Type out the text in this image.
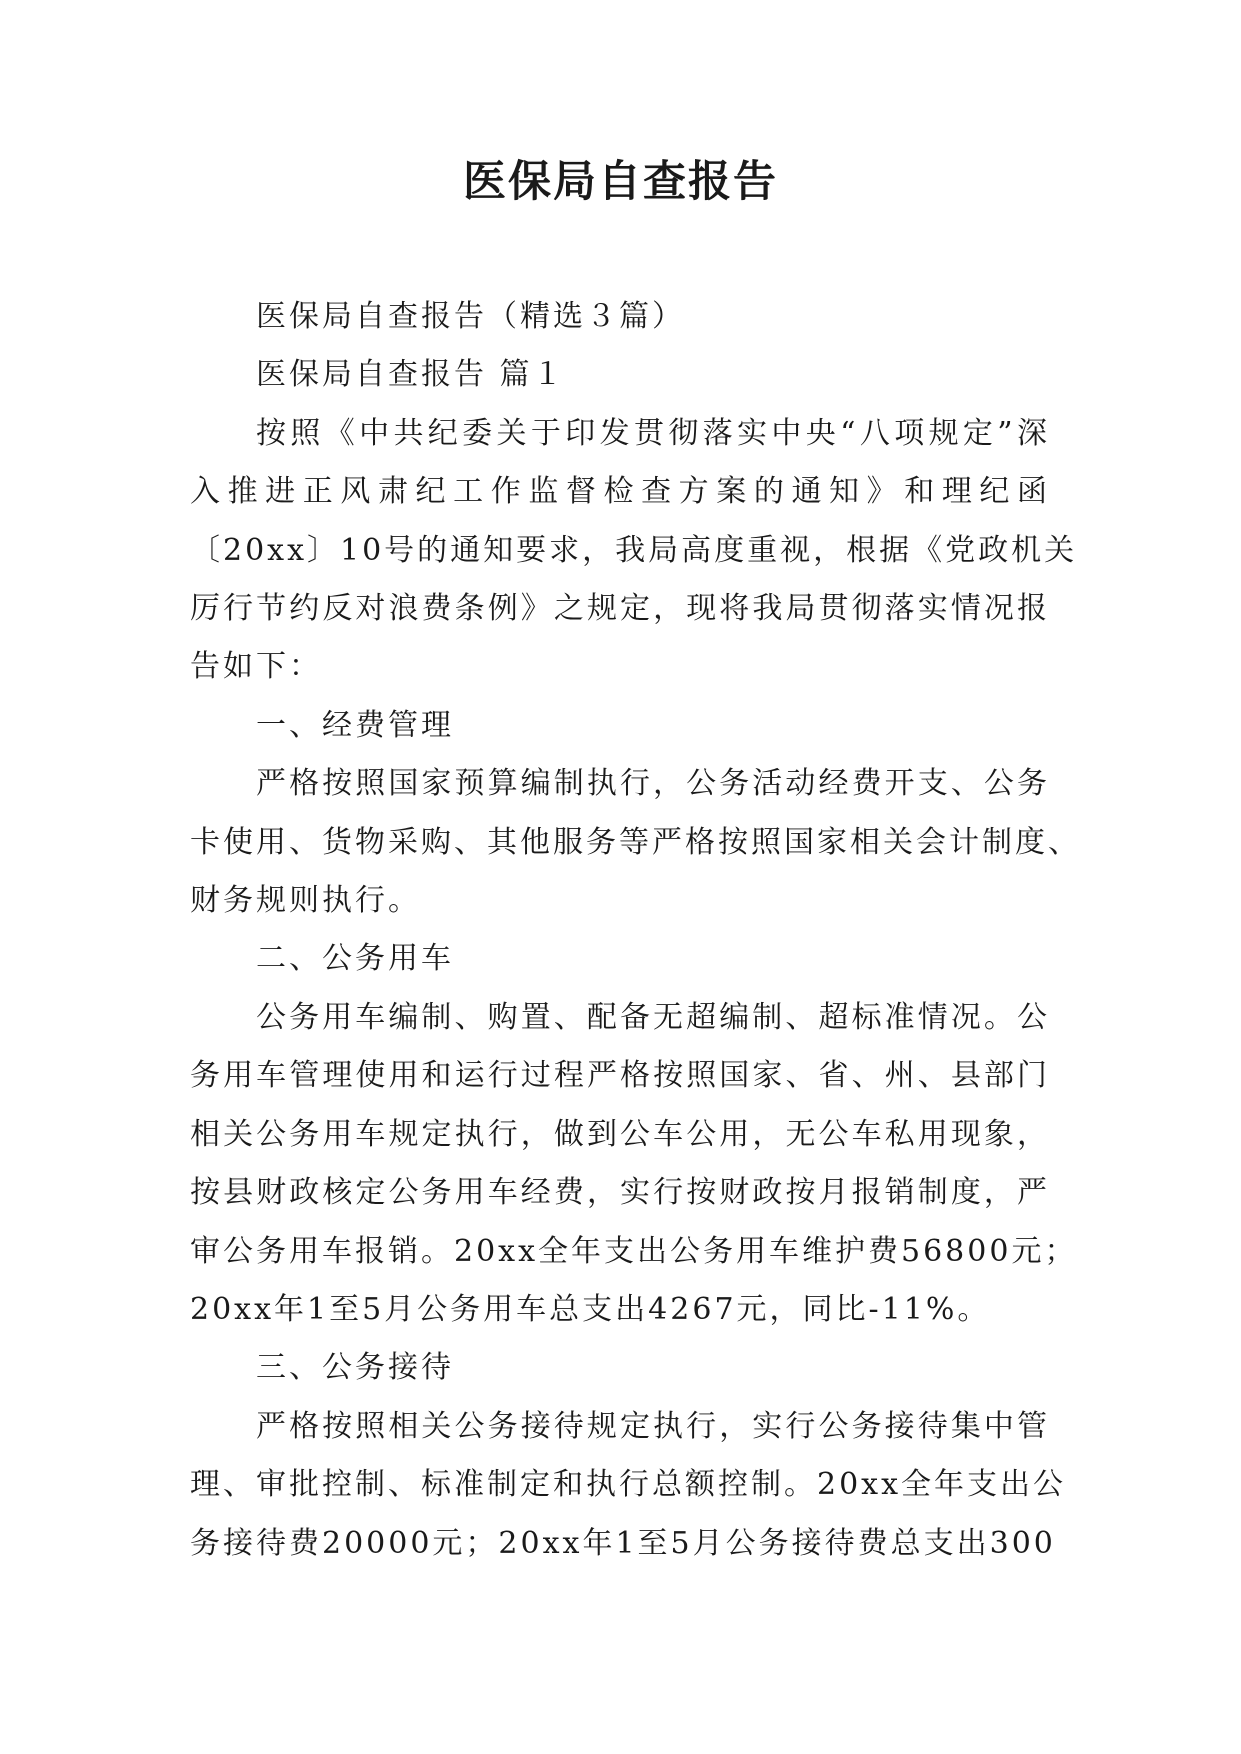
医保局自查报告
医保局自查报告（精选３篇）
医保局自查报告 篇１
按照《中共纪委关于印发贯彻落实中央“八项规定”深
入推进正风肃纪工作监督检查方案的通知》和理纪函
〔20xx〕10号的通知要求，我局高度重视，根据《党政机关
厉行节约反对浪费条例》之规定，现将我局贯彻落实情况报
告如下：
一、经费管理
严格按照国家预算编制执行，公务活动经费开支、公务
卡使用、货物采购、其他服务等严格按照国家相关会计制度、
财务规则执行。
二、公务用车
公务用车编制、购置、配备无超编制、超标准情况。公
务用车管理使用和运行过程严格按照国家、省、州、县部门
相关公务用车规定执行，做到公车公用，无公车私用现象，
按县财政核定公务用车经费，实行按财政按月报销制度，严
审公务用车报销。20xx全年支出公务用车维护费56800元；
20xx年1至5月公务用车总支出4267元，同比-11%。
三、公务接待
严格按照相关公务接待规定执行，实行公务接待集中管
理、审批控制、标准制定和执行总额控制。20xx全年支出公
务接待费20000元；20xx年1至5月公务接待费总支出300
